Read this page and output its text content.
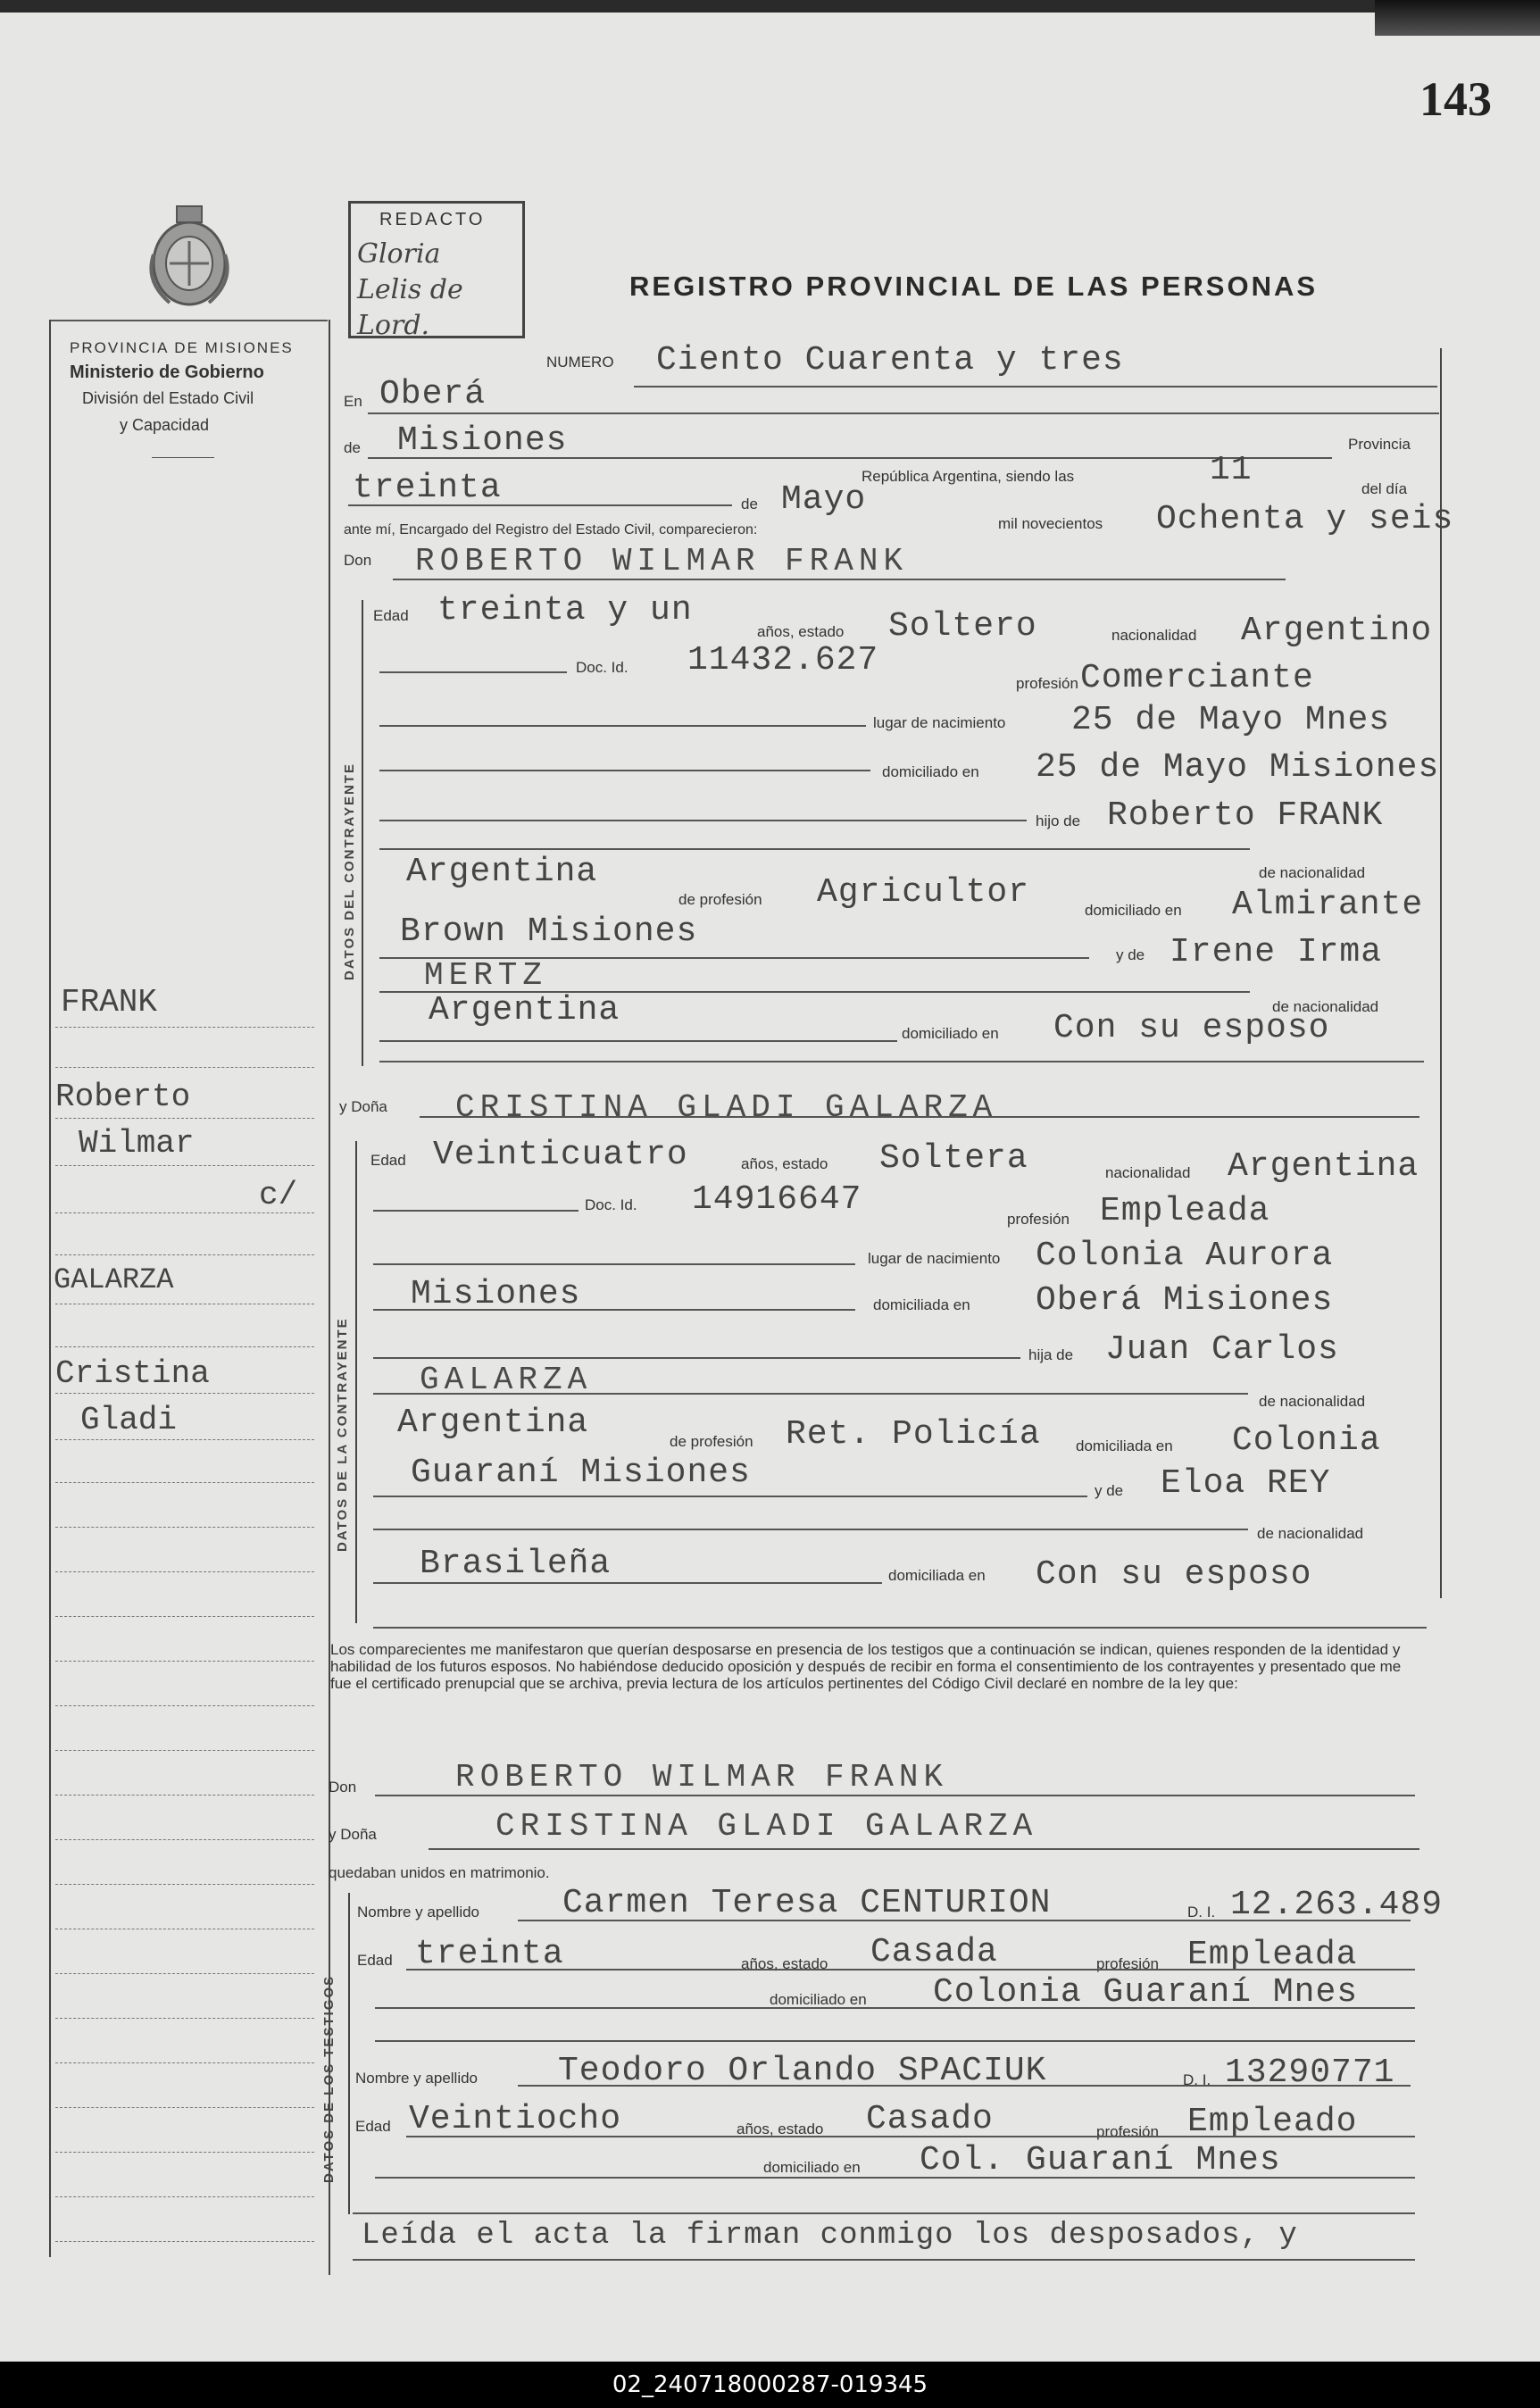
143
PROVINCIA DE MISIONES
Ministerio de Gobierno
División del Estado Civil
y Capacidad
REDACTO
Gloria Lelis de Lord.
REGISTRO PROVINCIAL DE LAS PERSONAS
NUMERO Ciento Cuarenta y tres
En Oberá
de Misiones	Provincia
República Argentina, siendo las	11	del día
treinta	de Mayo
mil novecientos Ochenta y seis
ante mí, Encargado del Registro del Estado Civil, comparecieron:
Don ROBERTO WILMAR FRANK
DATOS DEL CONTRAYENTE
Edad treinta y un
años, estado Soltero	nacionalidad Argentino
Doc. Id. 11432.627
profesión Comerciante
lugar de nacimiento 25 de Mayo Mnes
domiciliado en 25 de Mayo Misiones
hijo de Roberto FRANK
de nacionalidad
Argentina
de profesión Agricultor	domiciliado en Almirante
Brown Misiones
y de Irene Irma
MERTZ
de nacionalidad
Argentina
domiciliado en Con su esposo
y Doña CRISTINA GLADI GALARZA
DATOS DE LA CONTRAYENTE
Edad Veinticuatro	años, estado Soltera	nacionalidad Argentina
Doc. Id. 14916647
profesión Empleada
lugar de nacimiento Colonia Aurora
Misiones	domiciliada en Oberá Misiones
hija de Juan Carlos
GALARZA
de nacionalidad
Argentina	de profesión Ret. Policía domiciliada en Colonia
Guaraní Misiones	y de Eloa REY
de nacionalidad
Brasileña	domiciliada en Con su esposo
Los comparecientes me manifestaron que querían desposarse en presencia de los testigos que a continuación se indican, quienes responden de la identidad y habilidad de los futuros esposos. No habiéndose deducido oposición y después de recibir en forma el consentimiento de los contrayentes y presentado que me fue el certificado prenupcial que se archiva, previa lectura de los artículos pertinentes del Código Civil declaré en nombre de la ley que:
Don	ROBERTO WILMAR FRANK
y Doña	CRISTINA GLADI GALARZA
quedaban unidos en matrimonio.
DATOS DE LOS TESTIGOS
Nombre y apellido Carmen Teresa CENTURION	D. I. 12.263.489
Edad treinta	años, estado Casada	profesión Empleada
domiciliado en Colonia Guaraní Mnes
Nombre y apellido Teodoro Orlando SPACIUK	D. I. 13290771
Edad Veintiocho	años, estado Casado	profesión Empleado
domiciliado en Col. Guaraní Mnes
Leída el acta la firman conmigo los desposados, y
FRANK
Roberto
Wilmar
c/
GALARZA
Cristina
Gladi
02_240718000287-019345
